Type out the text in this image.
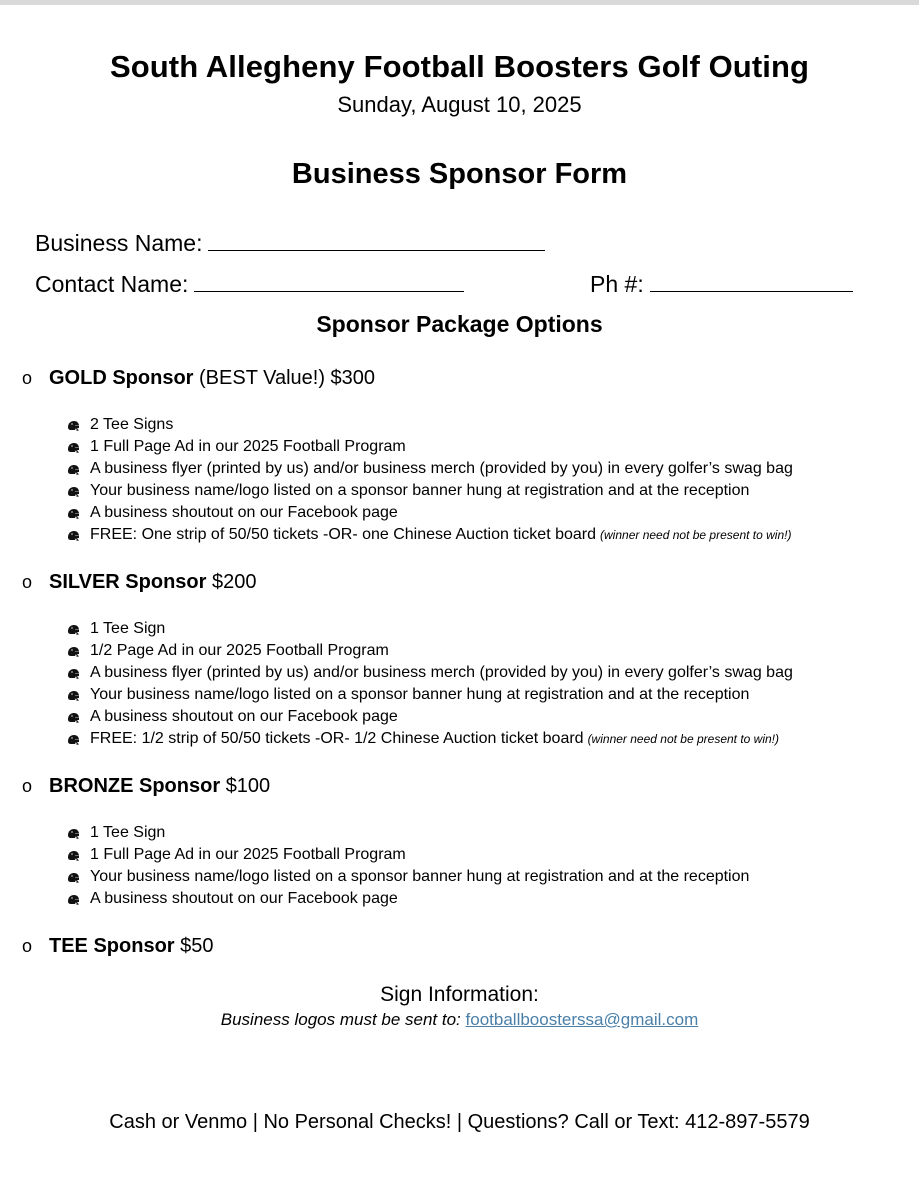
South Allegheny Football Boosters Golf Outing
Sunday, August 10, 2025
Business Sponsor Form
Business Name:
Contact Name:	Ph #:
Sponsor Package Options
o GOLD Sponsor (BEST Value!) $300
2 Tee Signs
1 Full Page Ad in our 2025 Football Program
A business flyer (printed by us) and/or business merch (provided by you) in every golfer’s swag bag
Your business name/logo listed on a sponsor banner hung at registration and at the reception
A business shoutout on our Facebook page
FREE: One strip of 50/50 tickets -OR- one Chinese Auction ticket board (winner need not be present to win!)
o SILVER Sponsor $200
1 Tee Sign
1/2 Page Ad in our 2025 Football Program
A business flyer (printed by us) and/or business merch (provided by you) in every golfer’s swag bag
Your business name/logo listed on a sponsor banner hung at registration and at the reception
A business shoutout on our Facebook page
FREE: 1/2 strip of 50/50 tickets -OR- 1/2 Chinese Auction ticket board (winner need not be present to win!)
o BRONZE Sponsor $100
1 Tee Sign
1 Full Page Ad in our 2025 Football Program
Your business name/logo listed on a sponsor banner hung at registration and at the reception
A business shoutout on our Facebook page
o TEE Sponsor $50
Sign Information:
Business logos must be sent to: footballboosterssa@gmail.com
Cash or Venmo | No Personal Checks! | Questions? Call or Text: 412-897-5579
